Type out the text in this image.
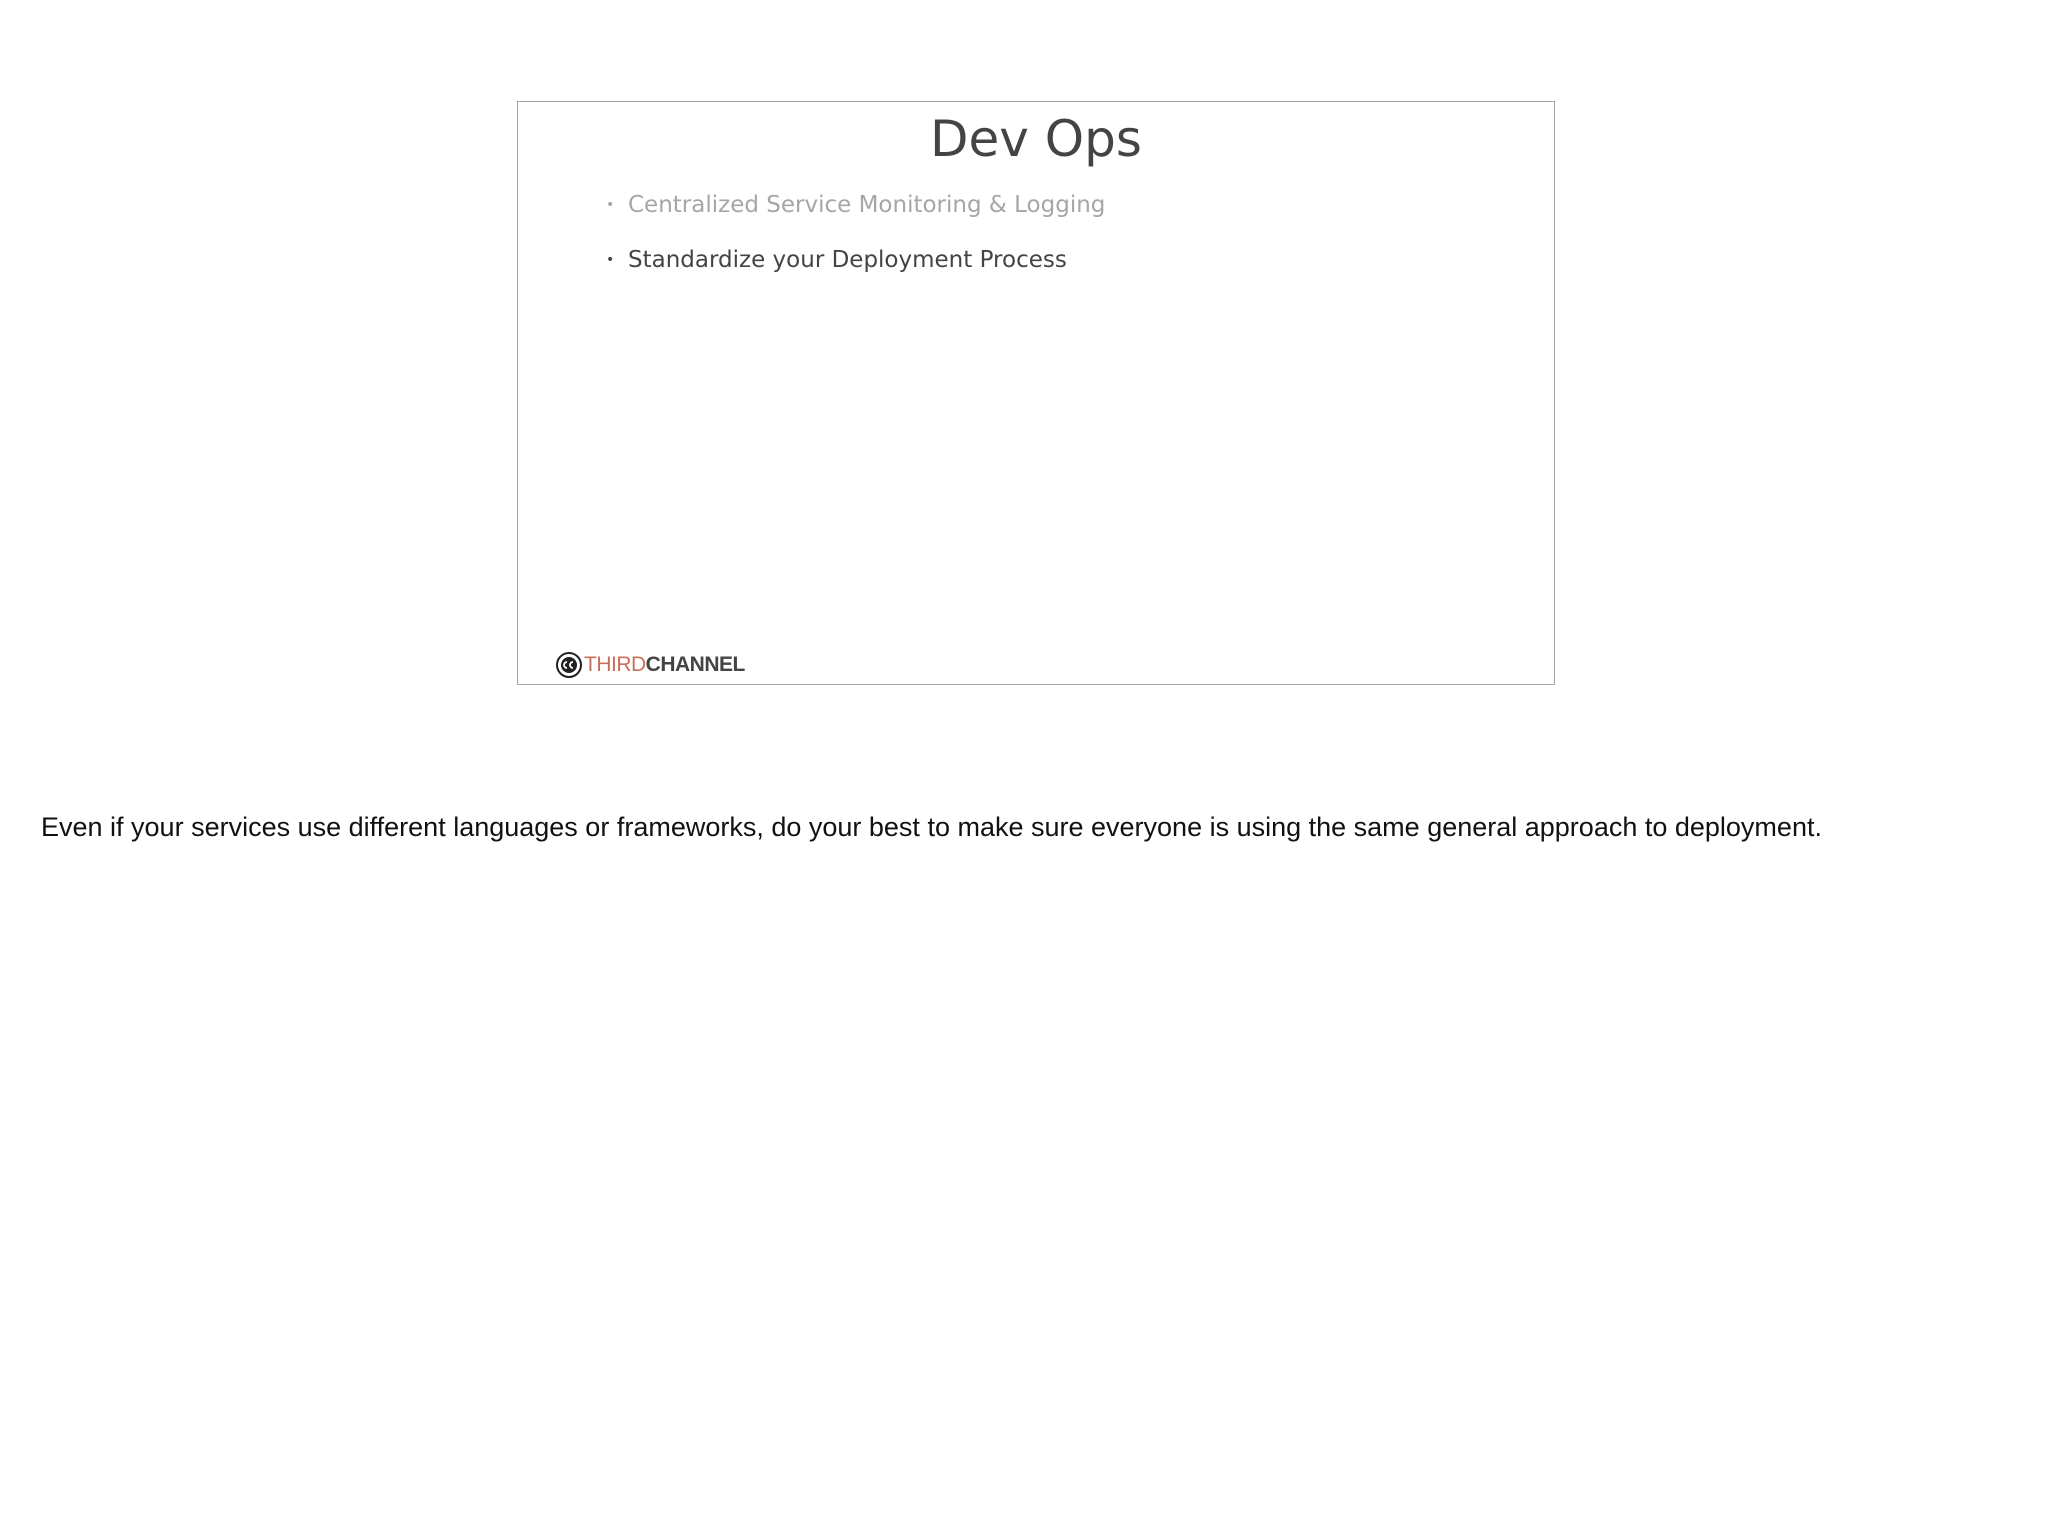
Dev Ops
• Centralized Service Monitoring & Logging
• Standardize your Deployment Process
THIRD CHANNEL
Even if your services use different languages or frameworks, do your best to make sure everyone is using the same general approach to deployment.
